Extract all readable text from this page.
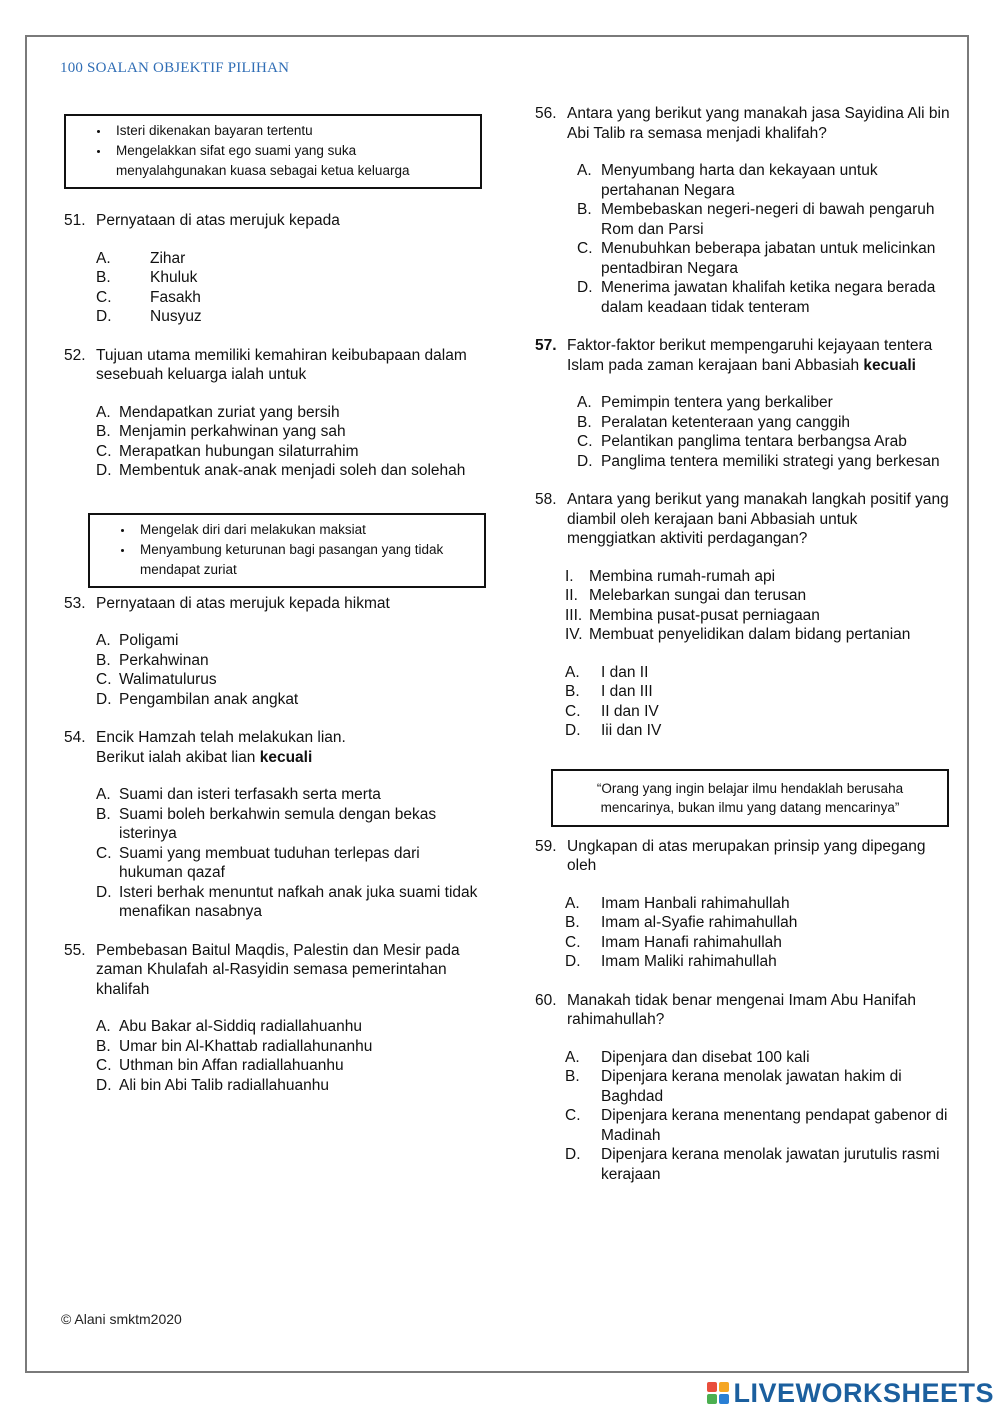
100 SOALAN OBJEKTIF PILIHAN
• Isteri dikenakan bayaran tertentu
• Mengelakkan sifat ego suami yang suka menyalahgunakan kuasa sebagai ketua keluarga
51. Pernyataan di atas merujuk kepada
A.	Zihar
B.	Khuluk
C. Fasakh
D. Nusyuz
52. Tujuan utama memiliki kemahiran keibubapaan dalam sesebuah keluarga ialah untuk
A. Mendapatkan zuriat yang bersih
B. Menjamin perkahwinan yang sah
C. Merapatkan hubungan silaturrahim
D. Membentuk anak-anak menjadi soleh dan solehah
• Mengelak diri dari melakukan maksiat
• Menyambung keturunan bagi pasangan yang tidak mendapat zuriat
53. Pernyataan di atas merujuk kepada hikmat
A. Poligami
B. Perkahwinan
C. Walimatulurus
D. Pengambilan anak angkat
54. Encik Hamzah telah melakukan lian.
Berikut ialah akibat lian kecuali
A. Suami dan isteri terfasakh serta merta
B. Suami boleh berkahwin semula dengan bekas isterinya
C. Suami yang membuat tuduhan terlepas dari hukuman qazaf
D. Isteri berhak menuntut nafkah anak juka suami tidak menafikan nasabnya
55. Pembebasan Baitul Maqdis, Palestin dan Mesir pada zaman Khulafah al-Rasyidin semasa pemerintahan khalifah
A. Abu Bakar al-Siddiq radiallahuanhu
B. Umar bin Al-Khattab radiallahunanhu
C. Uthman bin Affan radiallahuanhu
D. Ali bin Abi Talib radiallahuanhu
56. Antara yang berikut yang manakah jasa Sayidina Ali bin Abi Talib ra semasa menjadi khalifah?
A. Menyumbang harta dan kekayaan untuk pertahanan Negara
B. Membebaskan negeri-negeri di bawah pengaruh Rom dan Parsi
C. Menubuhkan beberapa jabatan untuk melicinkan pentadbiran Negara
D. Menerima jawatan khalifah ketika negara berada dalam keadaan tidak tenteram
57. Faktor-faktor berikut mempengaruhi kejayaan tentera Islam pada zaman kerajaan bani Abbasiah kecuali
A. Pemimpin tentera yang berkaliber
B. Peralatan ketenteraan yang canggih
C. Pelantikan panglima tentara berbangsa Arab
D. Panglima tentera memiliki strategi yang berkesan
58. Antara yang berikut yang manakah langkah positif yang diambil oleh kerajaan bani Abbasiah untuk menggiatkan aktiviti perdagangan?
I. Membina rumah-rumah api
II. Melebarkan sungai dan terusan
III. Membina pusat-pusat perniagaan
IV. Membuat penyelidikan dalam bidang pertanian
A. I dan II
B. I dan III
C. II dan IV
D. Iii dan IV
“Orang yang ingin belajar ilmu hendaklah berusaha mencarinya, bukan ilmu yang datang mencarinya”
59. Ungkapan di atas merupakan prinsip yang dipegang oleh
A. Imam Hanbali rahimahullah
B. Imam al-Syafie rahimahullah
C. Imam Hanafi rahimahullah
D. Imam Maliki rahimahullah
60. Manakah tidak benar mengenai Imam Abu Hanifah rahimahullah?
A. Dipenjara dan disebat 100 kali
B. Dipenjara kerana menolak jawatan hakim di Baghdad
C. Dipenjara kerana menentang pendapat gabenor di Madinah
D. Dipenjara kerana menolak jawatan jurutulis rasmi kerajaan
© Alani smktm2020
LIVEWORKSHEETS
